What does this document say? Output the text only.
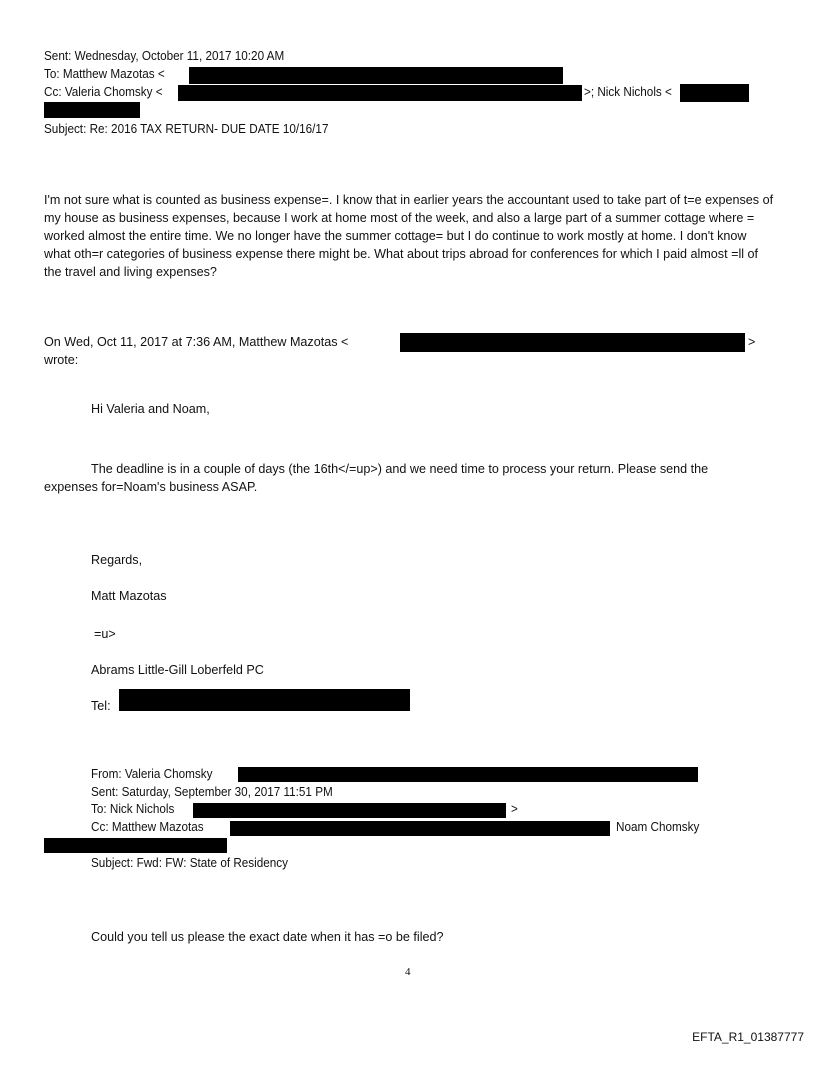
Sent: Wednesday, October 11, 2017 10:20 AM
To: Matthew Mazotas <
Cc: Valeria Chomsky <	>; Nick Nichols <
Subject: Re: 2016 TAX RETURN- DUE DATE 10/16/17
I'm not sure what is counted as business expense=. I know that in earlier years the accountant used to take part of t=e expenses of my house as business expenses, because I work at home most of the week, and also a large part of a summer cottage where = worked almost the entire time. We no longer have the summer cottage= but I do continue to work mostly at home. I don't know what oth=r categories of business expense there might be. What about trips abroad for conferences for which I paid almost =ll of the travel and living expenses?
On Wed, Oct 11, 2017 at 7:36 AM, Matthew Mazotas <	>
wrote:
Hi Valeria and Noam,
The deadline is in a couple of days (the 16th</=up>) and we need time to process your return. Please send the
expenses for=Noam's business ASAP.
Regards,
Matt Mazotas
=u>
Abrams Little-Gill Loberfeld PC
Tel:
From: Valeria Chomsky
Sent: Saturday, September 30, 2017 11:51 PM
To: Nick Nichols	>
Cc: Matthew Mazotas	Noam Chomsky
Subject: Fwd: FW: State of Residency
Could you tell us please the exact date when it has =o be filed?
4
EFTA_R1_01387777
